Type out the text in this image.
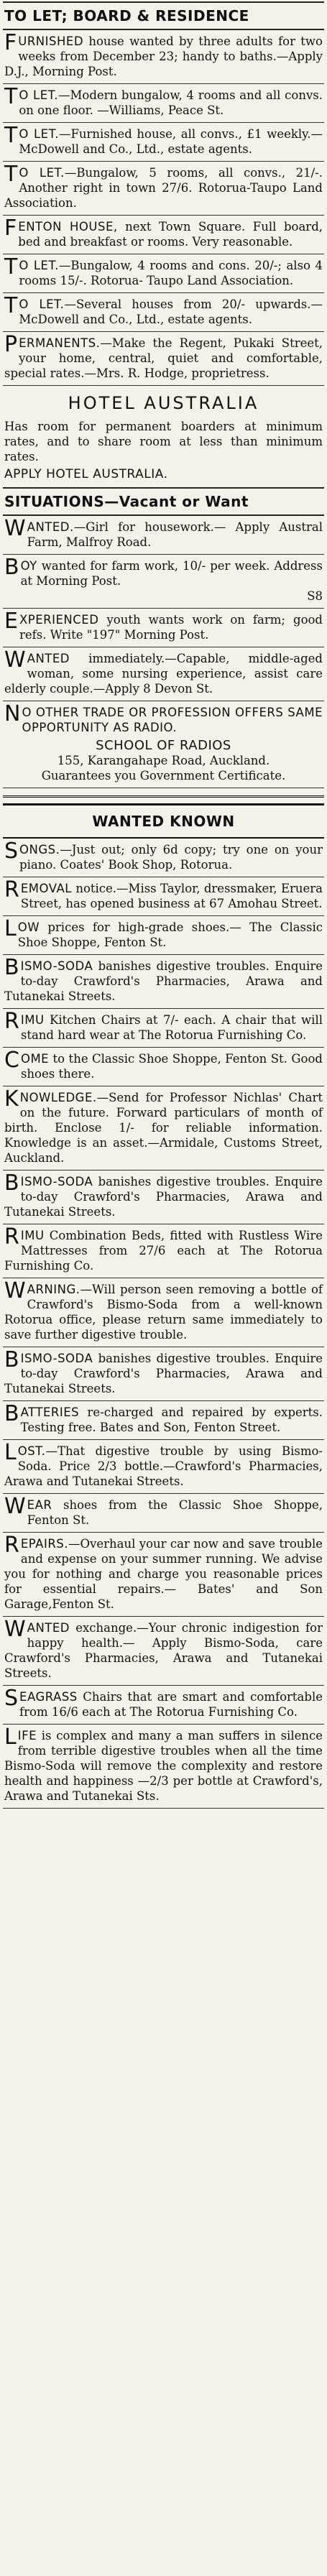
TO LET; BOARD & RESIDENCE

FURNISHED house wanted by three adults for two weeks from December 23; handy to baths.—Apply D.J., Morning Post.

T O LET.—Modern bungalow, 4 rooms and all convs. on one floor. —Williams, Peace St.

T O LET.—Furnished house, all convs., £1 weekly.—McDowell and Co., Ltd., estate agents.

T O LET.—Bungalow, 5 rooms, all convs., 21/-. Another right in town 27/6. Rotorua-Taupo Land Association.

FENTON HOUSE, next Town Square. Full board, bed and breakfast or rooms. Very reasonable.

T O LET.—Bungalow, 4 rooms and cons. 20/-; also 4 rooms 15/-. Rotorua- Taupo Land Association.

T O LET.—Several houses from 20/- upwards.—McDowell and Co., Ltd., estate agents.

PERMANENTS.—Make the Regent, Pukaki Street, your home, central, quiet and comfortable, special rates.—Mrs. R. Hodge, proprietress.

HOTEL AUSTRALIA

Has room for permanent boarders at minimum rates, and to share room at less than minimum rates.

APPLY HOTEL AUSTRALIA.
SITUATIONS—Vacant or Want

WANTED.—Girl for housework.— Apply Austral Farm, Malfroy Road.

BOY wanted for farm work, 10/- per week. Address at Morning Post.

S8

EXPERIENCED youth wants work on farm; good refs. Write "197" Morning Post.

WANTED immediately.—Capable, middle-aged woman, some nursing experience, assist care elderly couple.—Apply 8 Devon St.

N O OTHER TRADE OR PROFESSION OFFERS SAME OPPORTUNITY AS RADIO.

SCHOOL OF RADIOS
155, Karangahape Road, Auckland.
Guarantees you Government Certificate.
WANTED KNOWN

SONGS.—Just out; only 6d copy; try one on your piano. Coates' Book Shop, Rotorua.

REMOVAL notice.—Miss Taylor, dressmaker, Eruera Street, has opened business at 67 Amohau Street.

LOW prices for high-grade shoes.— The Classic Shoe Shoppe, Fenton St.

BISMO-SODA banishes digestive troubles. Enquire to-day Crawford's Pharmacies, Arawa and Tutanekai Streets.

RIMU Kitchen Chairs at 7/- each. A chair that will stand hard wear at The Rotorua Furnishing Co.

COME to the Classic Shoe Shoppe, Fenton St. Good shoes there.

KNOWLEDGE.—Send for Professor Nichlas' Chart on the future. Forward particulars of month of birth. Enclose 1/- for reliable information. Knowledge is an asset.—Armidale, Customs Street, Auckland.

BISMO-SODA banishes digestive troubles. Enquire to-day Crawford's Pharmacies, Arawa and Tutanekai Streets.

RIMU Combination Beds, fitted with Rustless Wire Mattresses from 27/6 each at The Rotorua Furnishing Co.

WARNING.—Will person seen removing a bottle of Crawford's Bismo-Soda from a well-known Rotorua office, please return same immediately to save further digestive trouble.

BISMO-SODA banishes digestive troubles. Enquire to-day Crawford's Pharmacies, Arawa and Tutanekai Streets.

BATTERIES re-charged and repaired by experts. Testing free. Bates and Son, Fenton Street.

LOST.—That digestive trouble by using Bismo-Soda. Price 2/3 bottle.—Crawford's Pharmacies, Arawa and Tutanekai Streets.

WEAR shoes from the Classic Shoe Shoppe, Fenton St.

REPAIRS.—Overhaul your car now and save trouble and expense on your summer running. We advise you for nothing and charge you reasonable prices for essential repairs.— Bates' and Son Garage,Fenton St.

WANTED exchange.—Your chronic indigestion for happy health.— Apply Bismo-Soda, care Crawford's Pharmacies, Arawa and Tutanekai Streets.

SEAGRASS Chairs that are smart and comfortable from 16/6 each at The Rotorua Furnishing Co.

LIFE is complex and many a man suffers in silence from terrible digestive troubles when all the time Bismo-Soda will remove the complexity and restore health and happiness —2/3 per bottle at Crawford's, Arawa and Tutanekai Sts.
